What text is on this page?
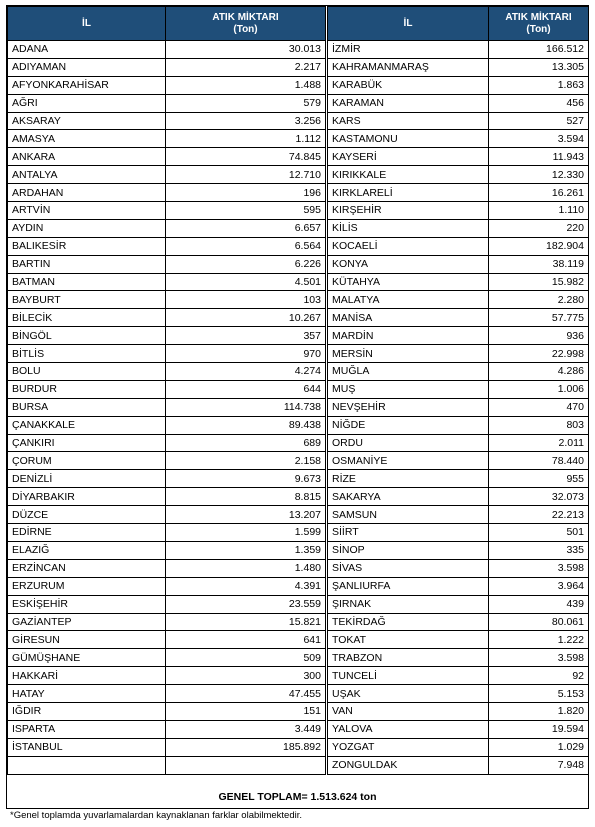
İL	ATIK MİKTARI
(Ton)
ADANA	30.013
ADIYAMAN	2.217
AFYONKARAHİSAR	1.488
AĞRI	579
AKSARAY	3.256
AMASYA	1.112
ANKARA	74.845
ANTALYA	12.710
ARDAHAN	196
ARTVİN	595
AYDIN	6.657
BALIKESİR	6.564
BARTIN	6.226
BATMAN	4.501
BAYBURT	103
BİLECİK	10.267
BİNGÖL	357
BİTLİS	970
BOLU	4.274
BURDUR	644
BURSA	114.738
ÇANAKKALE	89.438
ÇANKIRI	689
ÇORUM	2.158
DENİZLİ	9.673
DİYARBAKIR	8.815
DÜZCE	13.207
EDİRNE	1.599
ELAZIĞ	1.359
ERZİNCAN	1.480
ERZURUM	4.391
ESKİŞEHİR	23.559
GAZİANTEP	15.821
GİRESUN	641
GÜMÜŞHANE	509
HAKKARİ	300
HATAY	47.455
IĞDIR	151
ISPARTA	3.449
İSTANBUL	185.892

İL	ATIK MİKTARI
(Ton)
İZMİR	166.512
KAHRAMANMARAŞ	13.305
KARABÜK	1.863
KARAMAN	456
KARS	527
KASTAMONU	3.594
KAYSERİ	11.943
KIRIKKALE	12.330
KIRKLARELİ	16.261
KIRŞEHİR	1.110
KİLİS	220
KOCAELİ	182.904
KONYA	38.119
KÜTAHYA	15.982
MALATYA	2.280
MANİSA	57.775
MARDİN	936
MERSİN	22.998
MUĞLA	4.286
MUŞ	1.006
NEVŞEHİR	470
NİĞDE	803
ORDU	2.011
OSMANİYE	78.440
RİZE	955
SAKARYA	32.073
SAMSUN	22.213
SİİRT	501
SİNOP	335
SİVAS	3.598
ŞANLIURFA	3.964
ŞIRNAK	439
TEKİRDAĞ	80.061
TOKAT	1.222
TRABZON	3.598
TUNCELİ	92
UŞAK	5.153
VAN	1.820
YALOVA	19.594
YOZGAT	1.029
ZONGULDAK	7.948
GENEL TOPLAM= 1.513.624 ton
*Genel toplamda yuvarlamalardan kaynaklanan farklar olabilmektedir.
